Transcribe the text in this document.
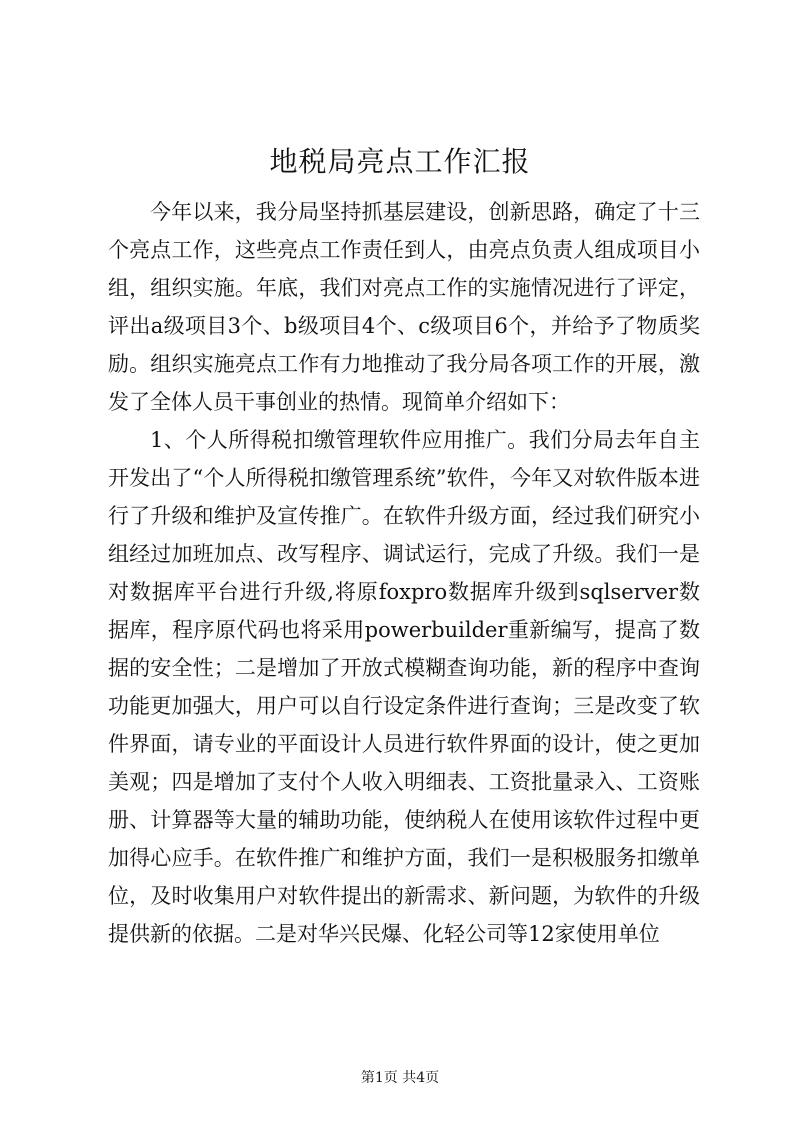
地税局亮点工作汇报

今年以来，我分局坚持抓基层建设，创新思路，确定了十三个亮点工作，这些亮点工作责任到人，由亮点负责人组成项目小组，组织实施。年底，我们对亮点工作的实施情况进行了评定，评出a级项目3个、b级项目4个、c级项目6个，并给予了物质奖励。组织实施亮点工作有力地推动了我分局各项工作的开展，激发了全体人员干事创业的热情。现简单介绍如下：

1、个人所得税扣缴管理软件应用推广。我们分局去年自主开发出了“个人所得税扣缴管理系统”软件，今年又对软件版本进行了升级和维护及宣传推广。在软件升级方面，经过我们研究小组经过加班加点、改写程序、调试运行，完成了升级。我们一是对数据库平台进行升级,将原foxpro数据库升级到sqlserver数据库，程序原代码也将采用powerbuilder重新编写，提高了数据的安全性；二是增加了开放式模糊查询功能，新的程序中查询功能更加强大，用户可以自行设定条件进行查询；三是改变了软件界面，请专业的平面设计人员进行软件界面的设计，使之更加美观；四是增加了支付个人收入明细表、工资批量录入、工资账册、计算器等大量的辅助功能，使纳税人在使用该软件过程中更加得心应手。在软件推广和维护方面，我们一是积极服务扣缴单位，及时收集用户对软件提出的新需求、新问题，为软件的升级提供新的依据。二是对华兴民爆、化轻公司等12家使用单位

第1页 共4页
